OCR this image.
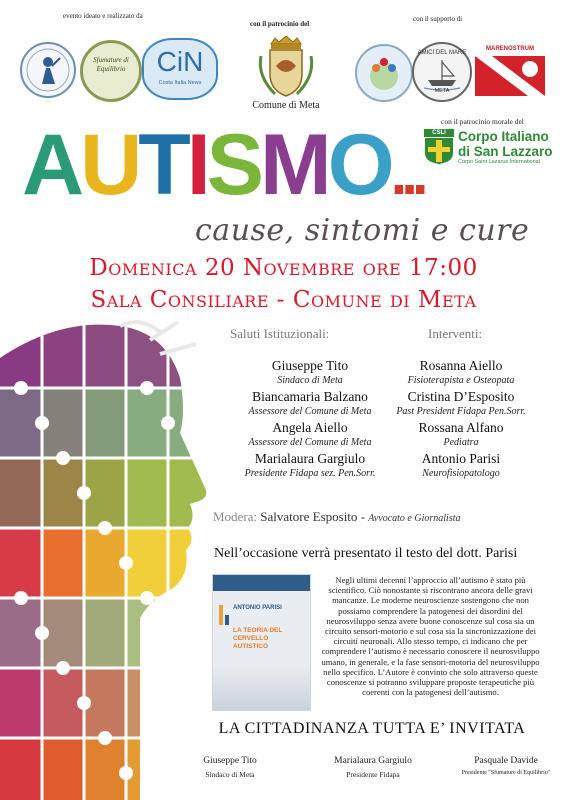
evento ideato e realizzato da
con il patrocinio del
con il supporto di
Sfumature di Equilibrio	CiN
Costa Italia News
Comune di Meta
AMICI DEL MARE
META
MARENOSTRUM
con il patrocinio morale del
CSLI Corpo Italiano
di San Lazzaro
Corpo Saint Lazarus International
AUTISMO...
cause, sintomi e cure
Domenica 20 Novembre ore 17:00
Sala Consiliare - Comune di Meta
Saluti Istituzionali:
Giuseppe Tito
Sindaco di Meta
Biancamaria Balzano
Assessore del Comune di Meta
Angela Aiello
Assessore del Comune di Meta
Marialaura Gargiulo
Presidente Fidapa sez. Pen.Sorr.
Interventi:
Rosanna Aiello
Fisioterapista e Osteopata
Cristina D’Esposito
Past President Fidapa Pen.Sorr.
Rossana Alfano
Pediatra
Antonio Parisi
Neurofisiopatologo
Modera: Salvatore Esposito - Avvocato e Giornalista
Nell’occasione verrà presentato il testo del dott. Parisi
ANTONIO PARISI
LA TEORIA DEL CERVELLO AUTISTICO
Negli ultimi decenni l’approccio all’autismo è stato più scientifico. Ciò nonostante si riscontrano ancora delle gravi mancanze. Le moderne neuroscienze sostengono che non possiamo comprendere la patogenesi dei disordini del neurosviluppo senza avere buone conoscenze sul cosa sia un circuito sensori-motorio e sul cosa sia la sincronizzazione dei circuiti neuronali. Allo stesso tempo, ci indicano che per comprendere l’autismo è necessario conoscere il neurosviluppo umano, in generale, e la fase sensori-motoria del neurosviluppo nello specifico. L’Autore è convinto che solo attraverso queste conoscenze si potranno sviluppare proposte terapeutiche più coerenti con la patogenesi dell’autismo.
LA CITTADINANZA TUTTA E’ INVITATA
Giuseppe Tito
Sindaco di Meta
Marialaura Gargiulo
Presidente Fidapa
Pasquale Davide
Presidente "Sfumature di Equilibrio"
